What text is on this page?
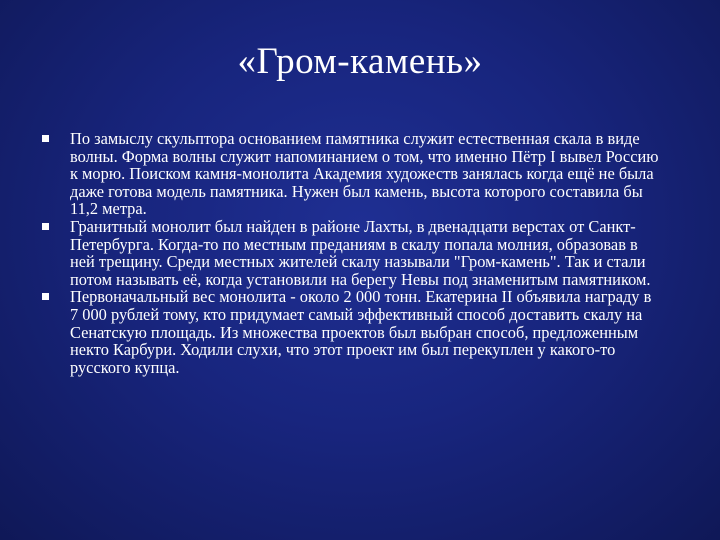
«Гром-камень»
По замыслу скульптора основанием памятника служит естественная скала в виде волны. Форма волны служит напоминанием о том, что именно Пётр I вывел Россию к морю. Поиском камня-монолита Академия художеств занялась когда ещё не была даже готова модель памятника. Нужен был камень, высота которого составила бы 11,2 метра.
Гранитный монолит был найден в районе Лахты, в двенадцати верстах от Санкт-Петербурга. Когда-то по местным преданиям в скалу попала молния, образовав в ней трещину. Среди местных жителей скалу называли "Гром-камень". Так и стали потом называть её, когда установили на берегу Невы под знаменитым памятником.
Первоначальный вес монолита - около 2 000 тонн. Екатерина II объявила награду в 7 000 рублей тому, кто придумает самый эффективный способ доставить скалу на Сенатскую площадь. Из множества проектов был выбран способ, предложенным некто Карбури. Ходили слухи, что этот проект им был перекуплен у какого-то русского купца.
